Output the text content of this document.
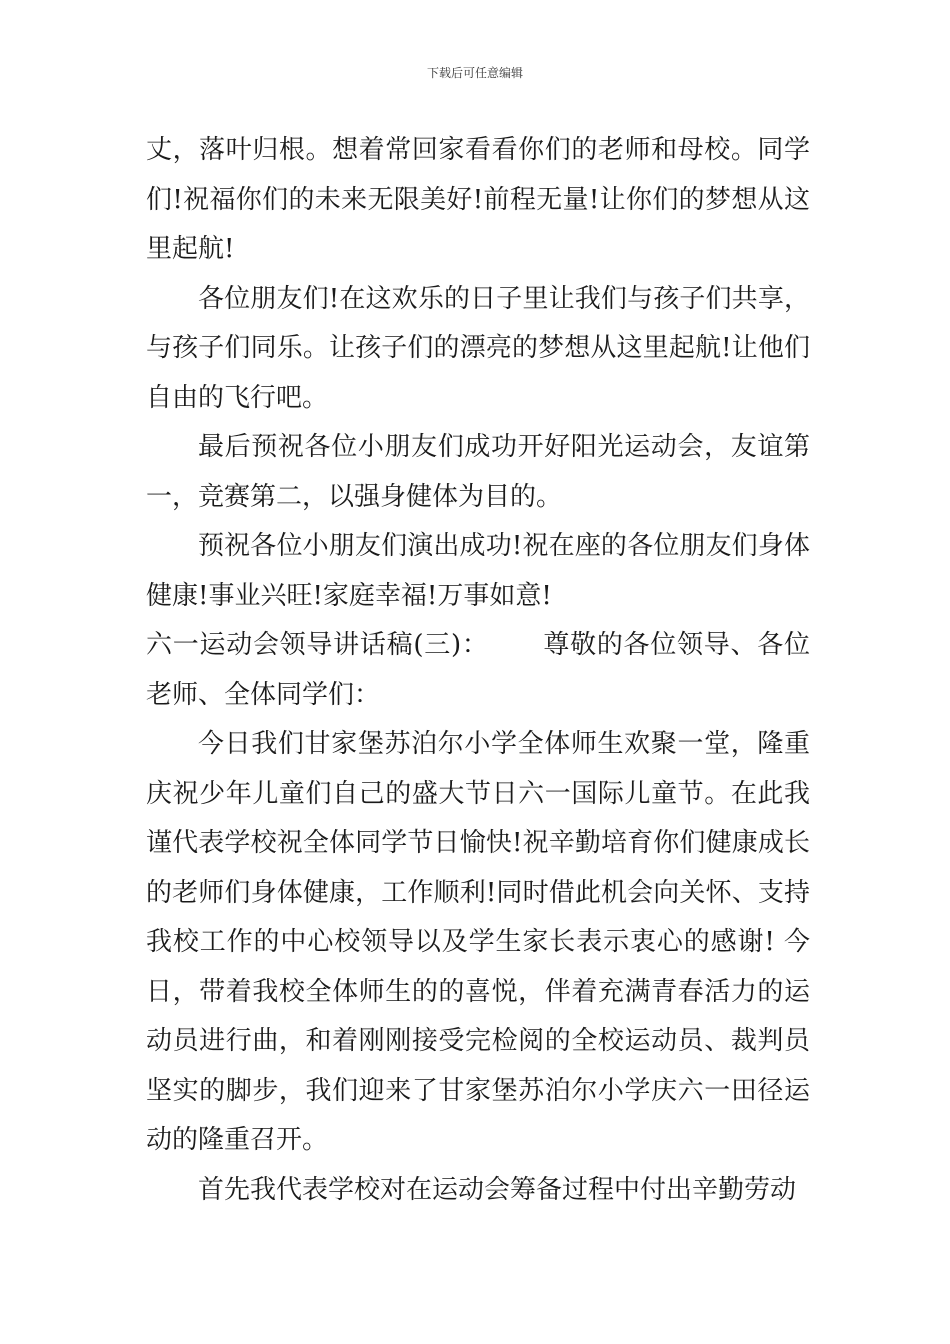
下载后可任意编辑

丈，落叶归根。想着常回家看看你们的老师和母校。同学们!祝福你们的未来无限美好!前程无量!让你们的梦想从这里起航!

各位朋友们!在这欢乐的日子里让我们与孩子们共享，与孩子们同乐。让孩子们的漂亮的梦想从这里起航!让他们自由的飞行吧。

最后预祝各位小朋友们成功开好阳光运动会，友谊第一，竞赛第二，以强身健体为目的。

预祝各位小朋友们演出成功!祝在座的各位朋友们身体健康!事业兴旺!家庭幸福!万事如意!

六一运动会领导讲话稿(三)： 尊敬的各位领导、各位老师、全体同学们：

今日我们甘家堡苏泊尔小学全体师生欢聚一堂，隆重庆祝少年儿童们自己的盛大节日六一国际儿童节。在此我谨代表学校祝全体同学节日愉快!祝辛勤培育你们健康成长的老师们身体健康，工作顺利!同时借此机会向关怀、支持我校工作的中心校领导以及学生家长表示衷心的感谢! 今日，带着我校全体师生的的喜悦，伴着充满青春活力的运动员进行曲，和着刚刚接受完检阅的全校运动员、裁判员坚实的脚步，我们迎来了甘家堡苏泊尔小学庆六一田径运动的隆重召开。

首先我代表学校对在运动会筹备过程中付出辛勤劳动
